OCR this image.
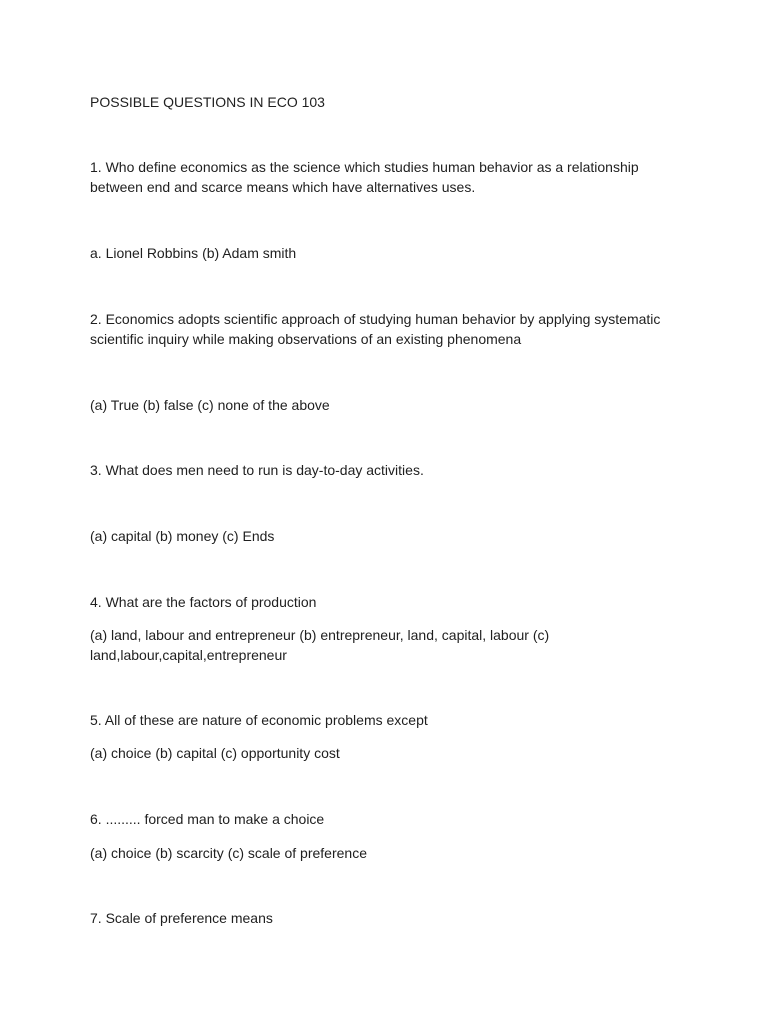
POSSIBLE QUESTIONS IN ECO 103

1. Who define economics as the science which studies human behavior as a relationship between end and scarce means which have alternatives uses.

a. Lionel Robbins (b) Adam smith

2. Economics adopts scientific approach of studying human behavior by applying systematic scientific inquiry while making observations of an existing phenomena

(a) True (b) false (c) none of the above

3. What does men need to run is day-to-day activities.

(a) capital (b) money (c) Ends

4. What are the factors of production

(a) land, labour and entrepreneur (b) entrepreneur, land, capital, labour (c) land,labour,capital,entrepreneur

5. All of these are nature of economic problems except

(a) choice (b) capital (c) opportunity cost

6. ......... forced man to make a choice

(a) choice (b) scarcity (c) scale of preference

7. Scale of preference means
